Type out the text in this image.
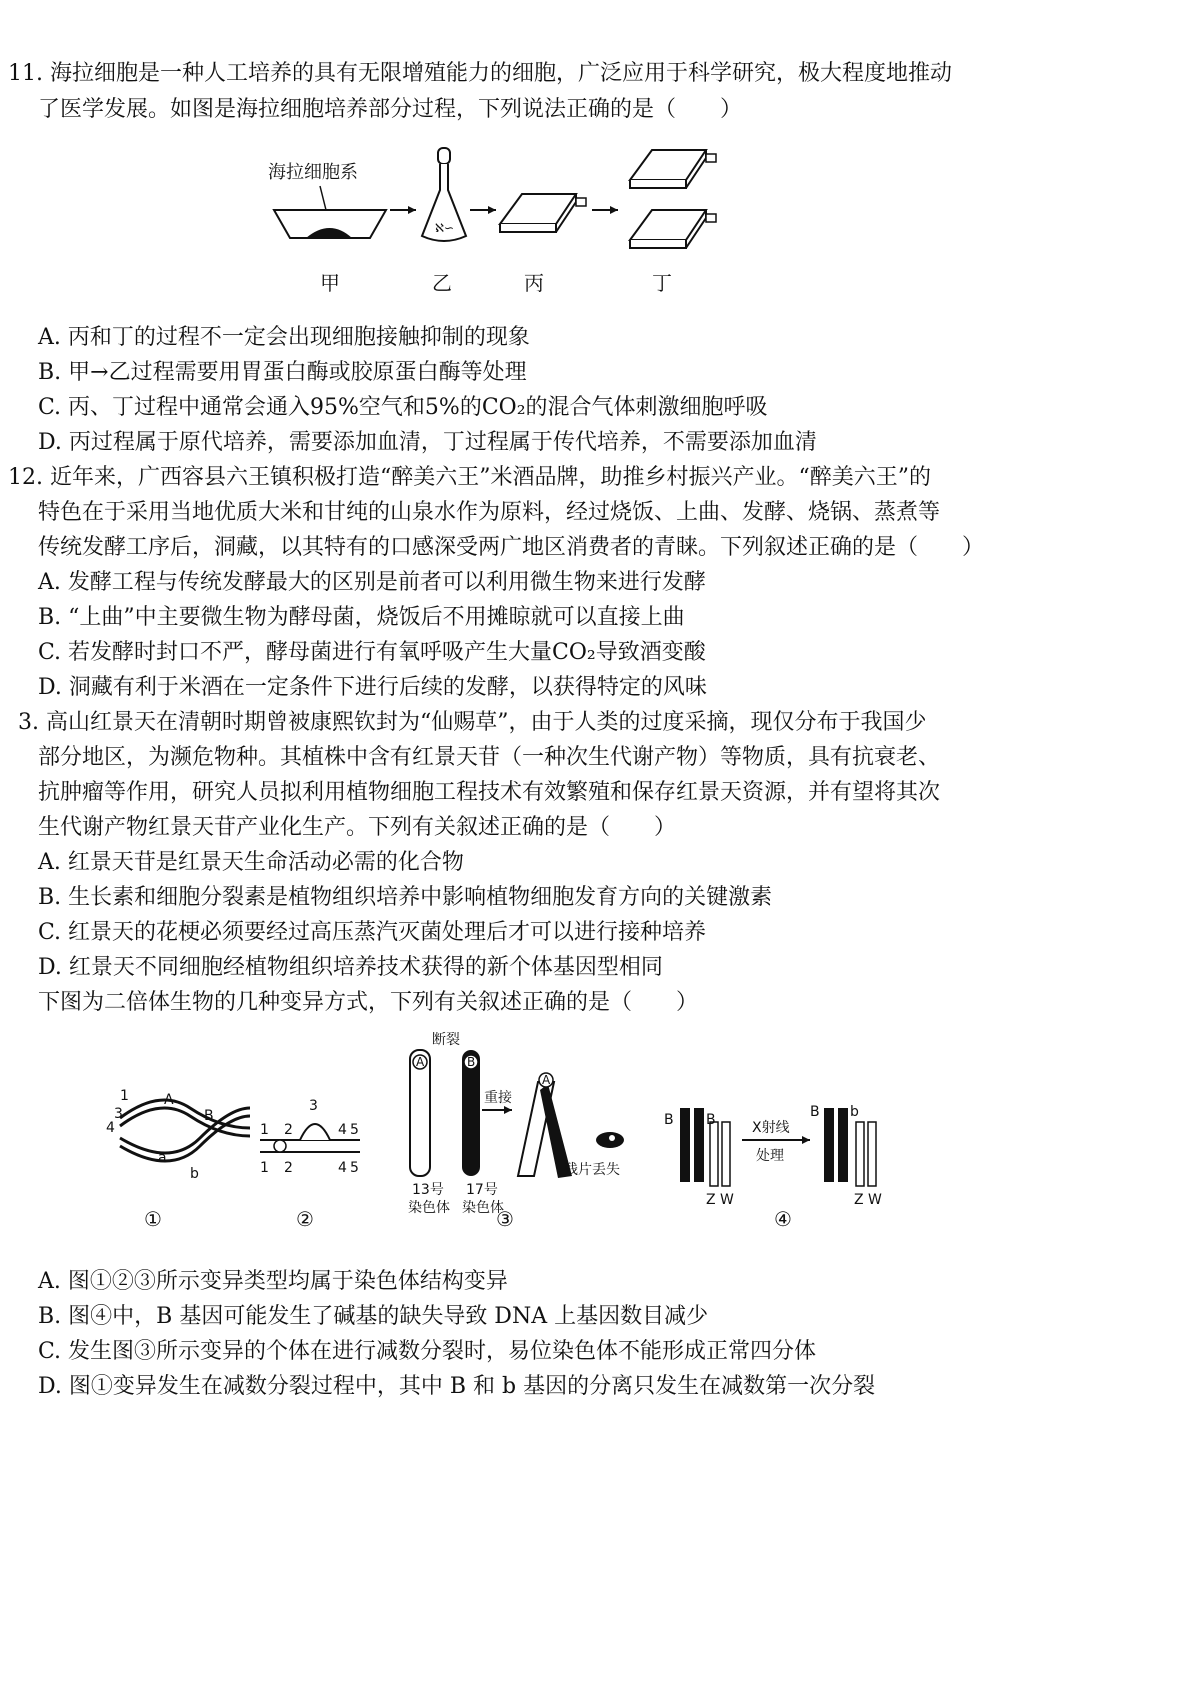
11. 海拉细胞是一种人工培养的具有无限增殖能力的细胞，广泛应用于科学研究，极大程度地推动
了医学发展。如图是海拉细胞培养部分过程，下列说法正确的是（　　）
海拉细胞系
ℵ∽
甲	乙	丙	丁
A. 丙和丁的过程不一定会出现细胞接触抑制的现象
B. 甲→乙过程需要用胃蛋白酶或胶原蛋白酶等处理
C. 丙、丁过程中通常会通入95%空气和5%的CO₂的混合气体刺激细胞呼吸
D. 丙过程属于原代培养，需要添加血清，丁过程属于传代培养，不需要添加血清
12. 近年来，广西容县六王镇积极打造“醉美六王”米酒品牌，助推乡村振兴产业。“醉美六王”的
特色在于采用当地优质大米和甘纯的山泉水作为原料，经过烧饭、上曲、发酵、烧锅、蒸煮等
传统发酵工序后，洞藏，以其特有的口感深受两广地区消费者的青睐。下列叙述正确的是（　　）
A. 发酵工程与传统发酵最大的区别是前者可以利用微生物来进行发酵
B. “上曲”中主要微生物为酵母菌，烧饭后不用摊晾就可以直接上曲
C. 若发酵时封口不严，酵母菌进行有氧呼吸产生大量CO₂导致酒变酸
D. 洞藏有利于米酒在一定条件下进行后续的发酵，以获得特定的风味
3. 高山红景天在清朝时期曾被康熙钦封为“仙赐草”，由于人类的过度采摘，现仅分布于我国少
部分地区，为濒危物种。其植株中含有红景天苷（一种次生代谢产物）等物质，具有抗衰老、
抗肿瘤等作用，研究人员拟利用植物细胞工程技术有效繁殖和保存红景天资源，并有望将其次
生代谢产物红景天苷产业化生产。下列有关叙述正确的是（　　）
A. 红景天苷是红景天生命活动必需的化合物
B. 生长素和细胞分裂素是植物组织培养中影响植物细胞发育方向的关键激素
C. 红景天的花梗必须要经过高压蒸汽灭菌处理后才可以进行接种培养
D. 红景天不同细胞经植物组织培养技术获得的新个体基因型相同
下图为二倍体生物的几种变异方式，下列有关叙述正确的是（　　）
1	A
3
4
B
a
b
1 2
3
4 5
1 2	4 5
A	B
断裂
重接
A
残片丢失
13号
染色体
17号
染色体
B B
Z W
X射线
处理
B b
Z W
①	②	③	④
A. 图①②③所示变异类型均属于染色体结构变异
B. 图④中，B 基因可能发生了碱基的缺失导致 DNA 上基因数目减少
C. 发生图③所示变异的个体在进行减数分裂时，易位染色体不能形成正常四分体
D. 图①变异发生在减数分裂过程中，其中 B 和 b 基因的分离只发生在减数第一次分裂
